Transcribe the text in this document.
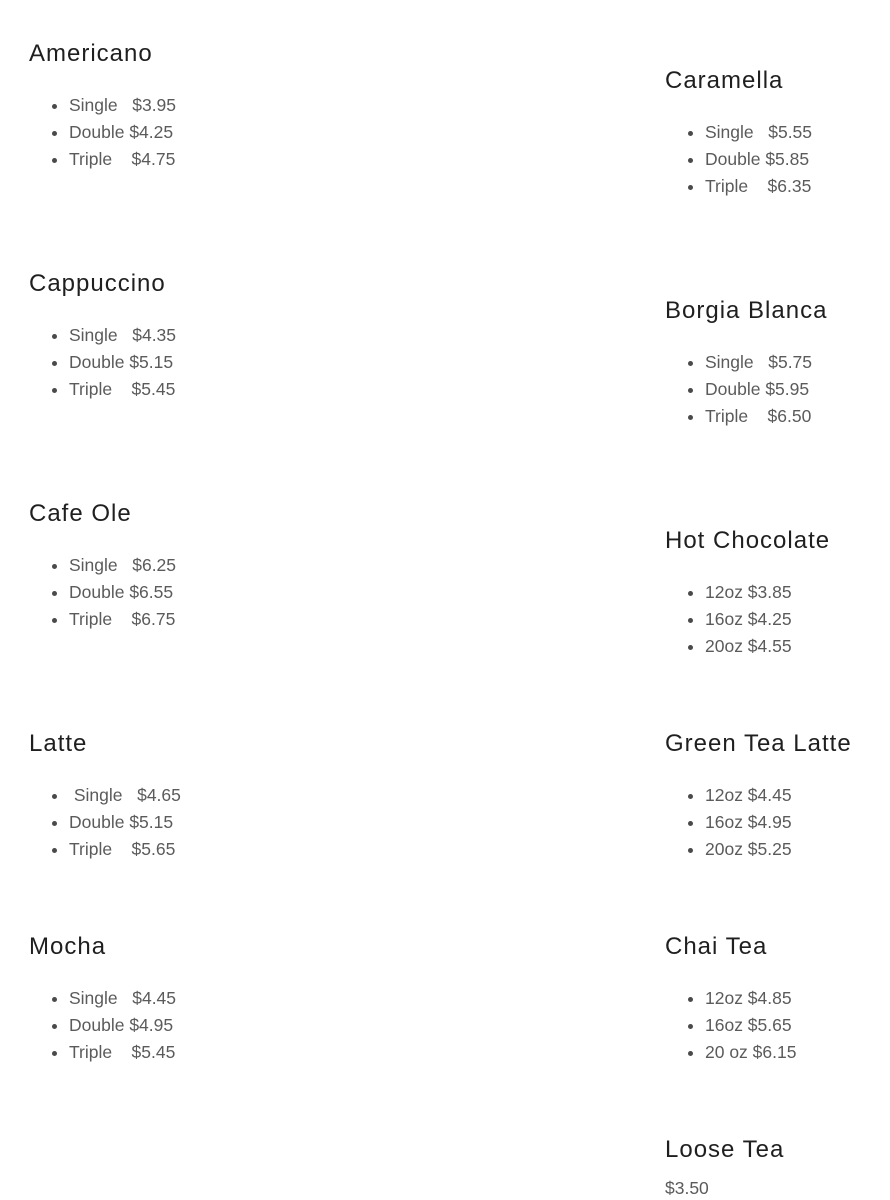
Americano
• Single   $3.95
• Double $4.25
• Triple    $4.75
Cappuccino
• Single   $4.35
• Double $5.15
• Triple    $5.45
Cafe Ole
• Single   $6.25
• Double $6.55
• Triple    $6.75
Latte
•  Single   $4.65
• Double $5.15
• Triple    $5.65
Mocha
• Single   $4.45
• Double $4.95
• Triple    $5.45
Caramella
• Single   $5.55
• Double $5.85
• Triple    $6.35
Borgia Blanca
• Single   $5.75
• Double $5.95
• Triple    $6.50
Hot Chocolate
• 12oz $3.85
• 16oz $4.25
• 20oz $4.55
Green Tea Latte
• 12oz $4.45
• 16oz $4.95
• 20oz $5.25
Chai Tea
• 12oz $4.85
• 16oz $5.65
• 20 oz $6.15
Loose Tea
$3.50
